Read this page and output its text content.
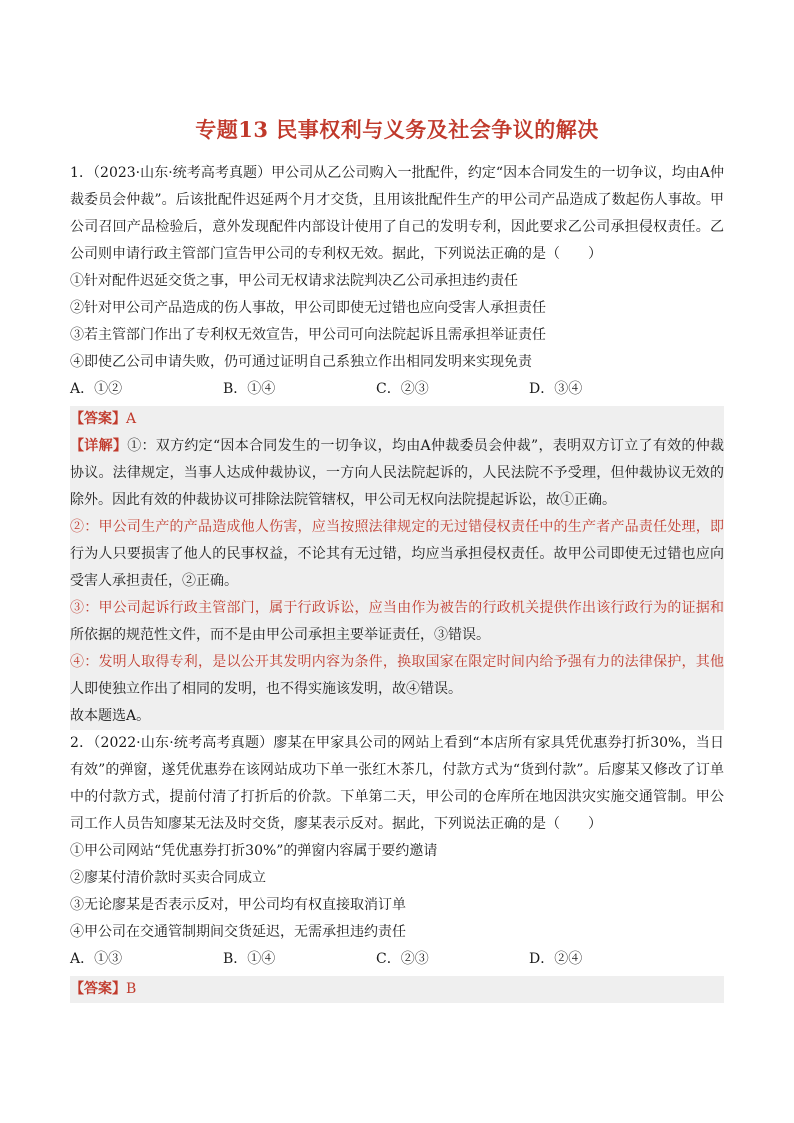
专题13 民事权利与义务及社会争议的解决

1．（2023·山东·统考高考真题）甲公司从乙公司购入一批配件，约定“因本合同发生的一切争议，均由A仲裁委员会仲裁”。后该批配件迟延两个月才交货，且用该批配件生产的甲公司产品造成了数起伤人事故。甲公司召回产品检验后，意外发现配件内部设计使用了自己的发明专利，因此要求乙公司承担侵权责任。乙公司则申请行政主管部门宣告甲公司的专利权无效。据此，下列说法正确的是（　　）

①针对配件迟延交货之事，甲公司无权请求法院判决乙公司承担违约责任

②针对甲公司产品造成的伤人事故，甲公司即使无过错也应向受害人承担责任

③若主管部门作出了专利权无效宣告，甲公司可向法院起诉且需承担举证责任

④即使乙公司申请失败，仍可通过证明自己系独立作出相同发明来实现免责

A．①②	B．①④	C．②③	D．③④
【答案】A

【详解】①：双方约定“因本合同发生的一切争议，均由A仲裁委员会仲裁”，表明双方订立了有效的仲裁协议。法律规定，当事人达成仲裁协议，一方向人民法院起诉的，人民法院不予受理，但仲裁协议无效的除外。因此有效的仲裁协议可排除法院管辖权，甲公司无权向法院提起诉讼，故①正确。

②：甲公司生产的产品造成他人伤害，应当按照法律规定的无过错侵权责任中的生产者产品责任处理，即行为人只要损害了他人的民事权益，不论其有无过错，均应当承担侵权责任。故甲公司即使无过错也应向受害人承担责任，②正确。

③：甲公司起诉行政主管部门，属于行政诉讼，应当由作为被告的行政机关提供作出该行政行为的证据和所依据的规范性文件，而不是由甲公司承担主要举证责任，③错误。

④：发明人取得专利，是以公开其发明内容为条件，换取国家在限定时间内给予强有力的法律保护，其他人即使独立作出了相同的发明，也不得实施该发明，故④错误。

故本题选A。

2．（2022·山东·统考高考真题）廖某在甲家具公司的网站上看到“本店所有家具凭优惠券打折30%，当日有效”的弹窗，遂凭优惠券在该网站成功下单一张红木茶几，付款方式为“货到付款”。后廖某又修改了订单中的付款方式，提前付清了打折后的价款。下单第二天，甲公司的仓库所在地因洪灾实施交通管制。甲公司工作人员告知廖某无法及时交货，廖某表示反对。据此，下列说法正确的是（　　）

①甲公司网站“凭优惠券打折30%”的弹窗内容属于要约邀请

②廖某付清价款时买卖合同成立

③无论廖某是否表示反对，甲公司均有权直接取消订单

④甲公司在交通管制期间交货延迟，无需承担违约责任

A．①③	B．①④	C．②③	D．②④
【答案】B
